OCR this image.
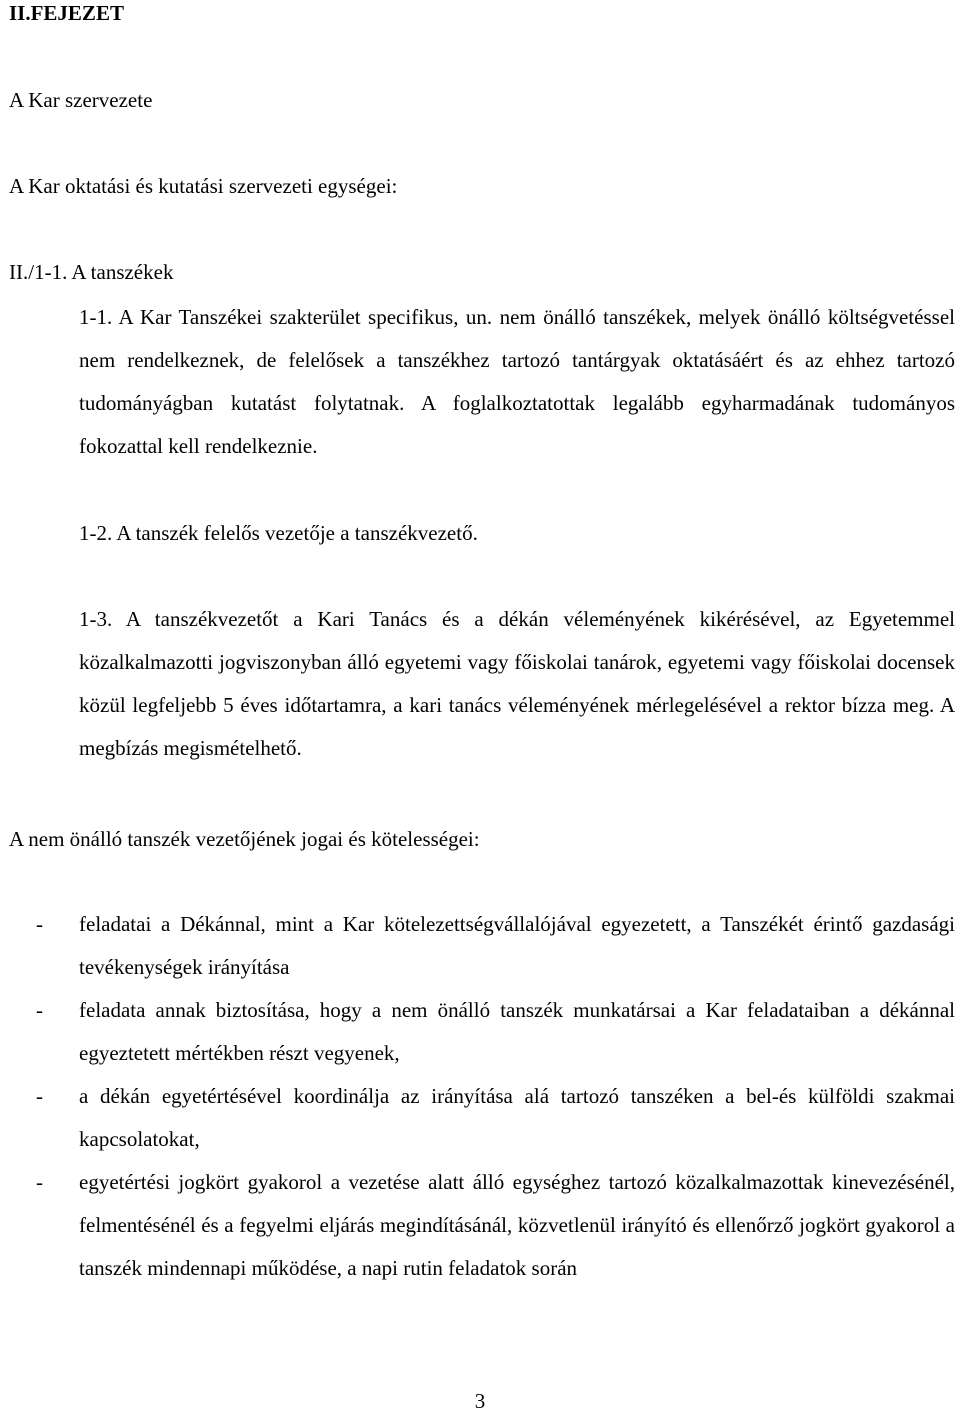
II.FEJEZET
A Kar szervezete
A Kar oktatási és kutatási szervezeti egységei:
II./1-1. A tanszékek
1-1. A Kar Tanszékei szakterület specifikus, un. nem önálló tanszékek, melyek önálló költségvetéssel nem rendelkeznek, de felelősek a tanszékhez tartozó tantárgyak oktatásáért és az ehhez tartozó tudományágban kutatást folytatnak. A foglalkoztatottak legalább egyharmadának tudományos fokozattal kell rendelkeznie.
1-2. A tanszék felelős vezetője a tanszékvezető.
1-3. A tanszékvezetőt a Kari Tanács és a dékán véleményének kikérésével, az Egyetemmel közalkalmazotti jogviszonyban álló egyetemi vagy főiskolai tanárok, egyetemi vagy főiskolai docensek közül legfeljebb 5 éves időtartamra, a kari tanács véleményének mérlegelésével a rektor bízza meg. A megbízás megismételhető.
A nem önálló tanszék vezetőjének jogai és kötelességei:
- feladatai a Dékánnal, mint a Kar kötelezettségvállalójával egyezetett, a Tanszékét érintő gazdasági tevékenységek irányítása
- feladata annak biztosítása, hogy a nem önálló tanszék munkatársai a Kar feladataiban a dékánnal egyeztetett mértékben részt vegyenek,
- a dékán egyetértésével koordinálja az irányítása alá tartozó tanszéken a bel-és külföldi szakmai kapcsolatokat,
- egyetértési jogkört gyakorol a vezetése alatt álló egységhez tartozó közalkalmazottak kinevezésénél, felmentésénél és a fegyelmi eljárás megindításánál, közvetlenül irányító és ellenőrző jogkört gyakorol a tanszék mindennapi működése, a napi rutin feladatok során
3
